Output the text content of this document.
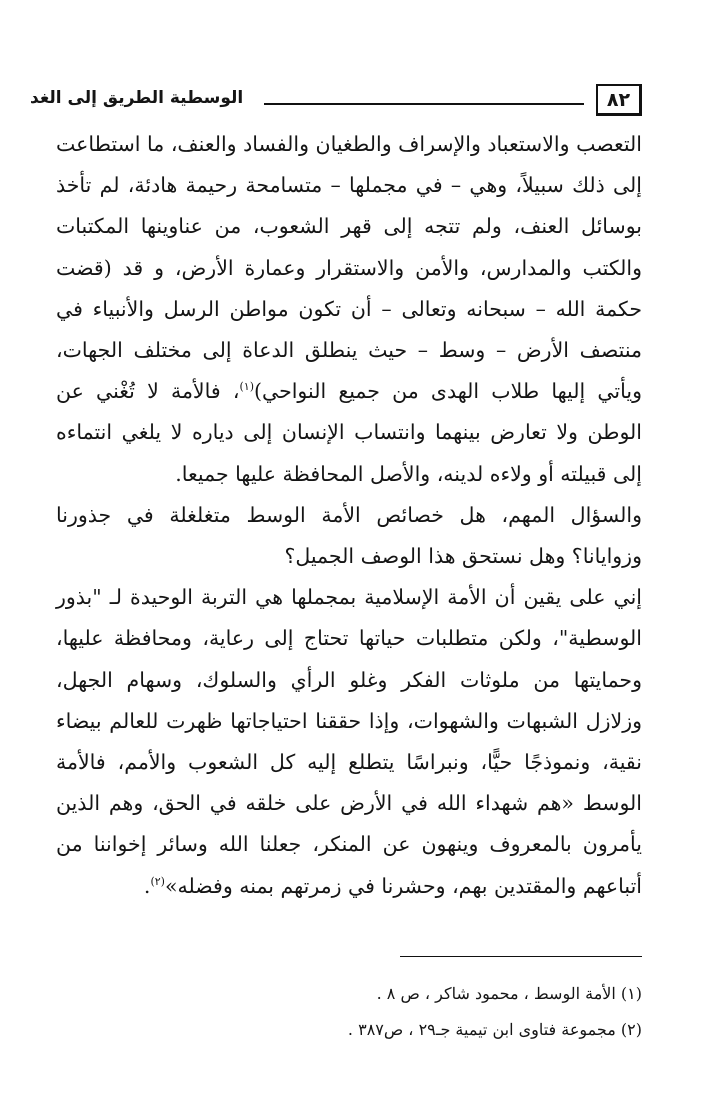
٨٢
الوسطية الطريق إلى الغد

التعصب والاستعباد والإسراف والطغيان والفساد والعنف، ما استطاعت إلى ذلك سبيلاً، وهي – في مجملها – متسامحة رحيمة هادئة، لم تأخذ بوسائل العنف، ولم تتجه إلى قهر الشعوب، من عناوينها المكتبات والكتب والمدارس، والأمن والاستقرار وعمارة الأرض، و قد (قضت حكمة الله – سبحانه وتعالى – أن تكون مواطن الرسل والأنبياء في منتصف الأرض – وسط – حيث ينطلق الدعاة إلى مختلف الجهات، ويأتي إليها طلاب الهدى من جميع النواحي)$^{(١)}$، فالأمة لا تُغْني عن الوطن ولا تعارض بينهما وانتساب الإنسان إلى دياره لا يلغي انتماءه إلى قبيلته أو ولاءه لدينه، والأصل المحافظة عليها جميعا.

والسؤال المهم، هل خصائص الأمة الوسط متغلغلة في جذورنا وزوايانا؟ وهل نستحق هذا الوصف الجميل؟

إني على يقين أن الأمة الإسلامية بمجملها هي التربة الوحيدة لـ "بذور الوسطية"، ولكن متطلبات حياتها تحتاج إلى رعاية، ومحافظة عليها، وحمايتها من ملوثات الفكر وغلو الرأي والسلوك، وسهام الجهل، وزلازل الشبهات والشهوات، وإذا حققنا احتياجاتها ظهرت للعالم بيضاء نقية، ونموذجًا حيًّا، ونبراسًا يتطلع إليه كل الشعوب والأمم، فالأمة الوسط «هم شهداء الله في الأرض على خلقه في الحق، وهم الذين يأمرون بالمعروف وينهون عن المنكر، جعلنا الله وسائر إخواننا من أتباعهم والمقتدين بهم، وحشرنا في زمرتهم بمنه وفضله»$^{(٢)}$.

(١) الأمة الوسط ، محمود شاكر ، ص ٨ .
(٢) مجموعة فتاوى ابن تيمية جـ٢٩ ، ص٣٨٧ .
